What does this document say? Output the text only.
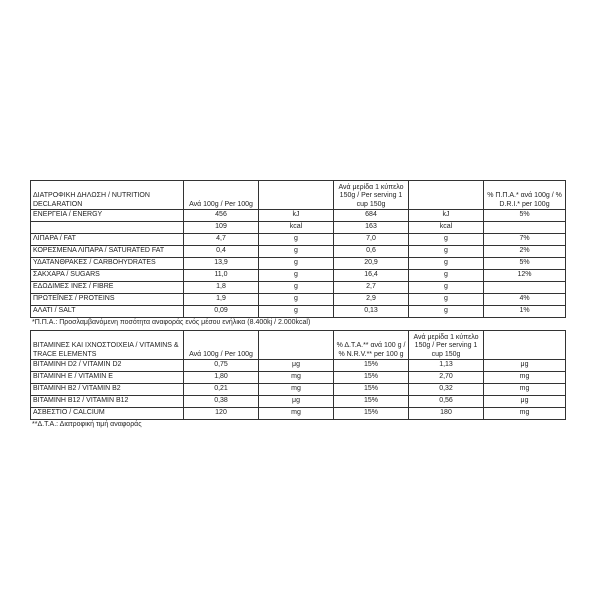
ΔΙΑΤΡΟΦΙΚΗ ΔΗΛΩΣΗ / NUTRITION DECLARATION	Ανά 100g / Per 100g		Ανά μερίδα 1 κύπελο 150g / Per serving 1 cup 150g		% Π.Π.Α.* ανά 100g / % D.R.I.* per 100g
ΕΝΕΡΓΕΙΑ / ENERGY	456	kJ	684	kJ	5%
	109	kcal	163	kcal	
ΛΙΠΑΡΑ / FAT	4,7	g	7,0	g	7%
ΚΟΡΕΣΜΕΝΑ ΛΙΠΑΡΑ / SATURATED FAT	0,4	g	0,6	g	2%
ΥΔΑΤΑΝΘΡΑΚΕΣ / CARBOHYDRATES	13,9	g	20,9	g	5%
ΣΑΚΧΑΡΑ / SUGARS	11,0	g	16,4	g	12%
ΕΔΩΔΙΜΕΣ ΙΝΕΣ / FIBRE	1,8	g	2,7	g	
ΠΡΩΤΕΪΝΕΣ / PROTEINS	1,9	g	2,9	g	4%
ΑΛΑΤΙ / SALT	0,09	g	0,13	g	1%
*Π.Π.Α.: Προσλαμβανόμενη ποσότητα αναφοράς ενός μέσου ενήλικα (8.400kj / 2.000kcal)
ΒΙΤΑΜΙΝΕΣ ΚΑΙ ΙΧΝΟΣΤΟΙΧΕΙΑ / VITAMINS & TRACE ELEMENTS	Ανά 100g / Per 100g		% Δ.Τ.Α.** ανά 100 g / % N.R.V.** per 100 g	Ανά μερίδα 1 κύπελο 150g / Per serving 1 cup 150g	
ΒΙΤΑΜΙΝΗ D2 / VITAMIN D2	0,75	μg	15%	1,13	μg
ΒΙΤΑΜΙΝΗ Ε / VITAMIN E	1,80	mg	15%	2,70	mg
ΒΙΤΑΜΙΝΗ Β2 / VITAMIN B2	0,21	mg	15%	0,32	mg
ΒΙΤΑΜΙΝΗ Β12 / VITAMIN B12	0,38	μg	15%	0,56	μg
ΑΣΒΕΣΤΙΟ / CALCIUM	120	mg	15%	180	mg
**Δ.Τ.Α.: Διατροφική τιμή αναφοράς
